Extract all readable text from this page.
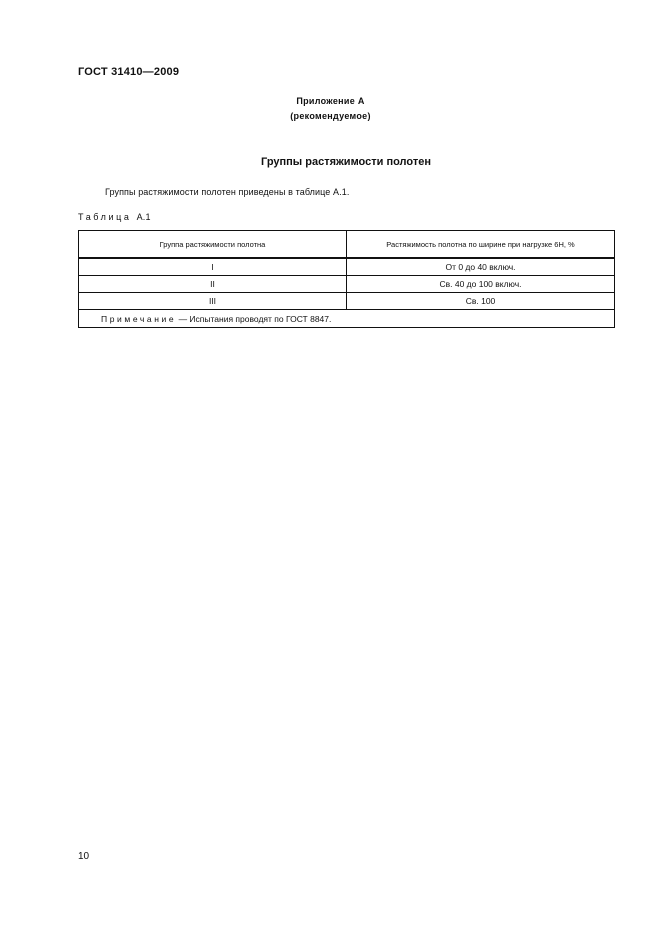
ГОСТ 31410—2009
Приложение А
(рекомендуемое)
Группы растяжимости полотен
Группы растяжимости полотен приведены в таблице А.1.
Таблица А.1
Группа растяжимости полотна	Растяжимость полотна по ширине при нагрузке 6Н, %
I	От 0 до 40 включ.
II	Св. 40 до 100 включ.
III	Св. 100
Примечание — Испытания проводят по ГОСТ 8847.	
10
